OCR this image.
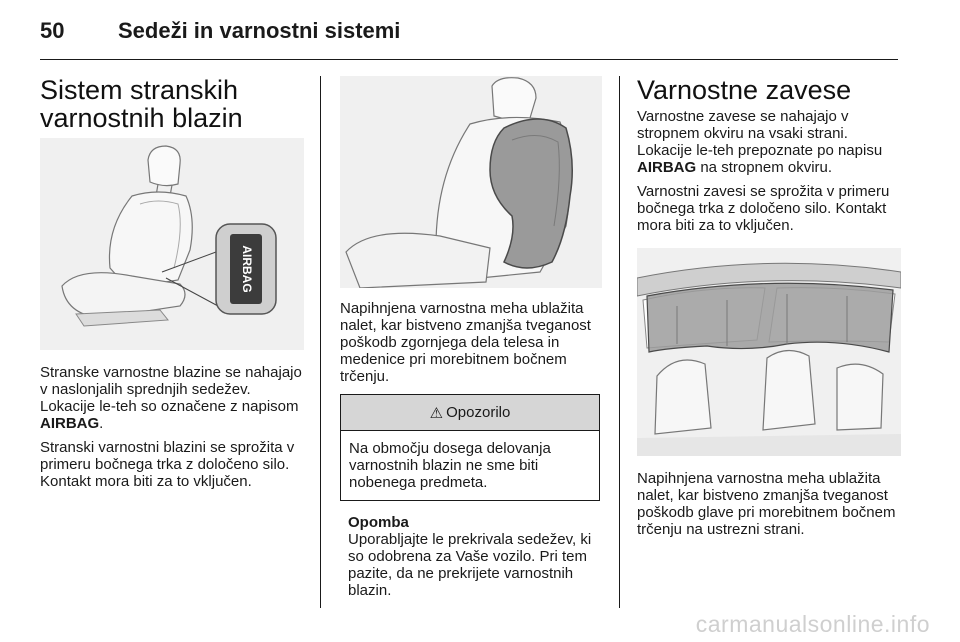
50 Sedeži in varnostni sistemi
Sistem stranskih
varnostnih blazin
AIRBAG

Stranske varnostne blazine se nahajajo v naslonjalih sprednjih sedežev. Lokacije le-teh so označene z napisom AIRBAG.

Stranski varnostni blazini se sprožita v primeru bočnega trka z določeno silo. Kontakt mora biti za to vključen.

Napihnjena varnostna meha ublažita nalet, kar bistveno zmanjša tveganost poškodb zgornjega dela telesa in medenice pri morebitnem bočnem trčenju.

⚠ Opozorilo

Na območju dosega delovanja varnostnih blazin ne sme biti nobenega predmeta.

Opomba

Uporabljajte le prekrivala sedežev, ki so odobrena za Vaše vozilo. Pri tem pazite, da ne prekrijete varnostnih blazin.

Varnostne zavese

Varnostne zavese se nahajajo v stropnem okviru na vsaki strani. Lokacije le-teh prepoznate po napisu AIRBAG na stropnem okviru.

Varnostni zavesi se sprožita v primeru bočnega trka z določeno silo. Kontakt mora biti za to vključen.

Napihnjena varnostna meha ublažita nalet, kar bistveno zmanjša tveganost poškodb glave pri morebitnem bočnem trčenju na ustrezni strani.

carmanualsonline.info
